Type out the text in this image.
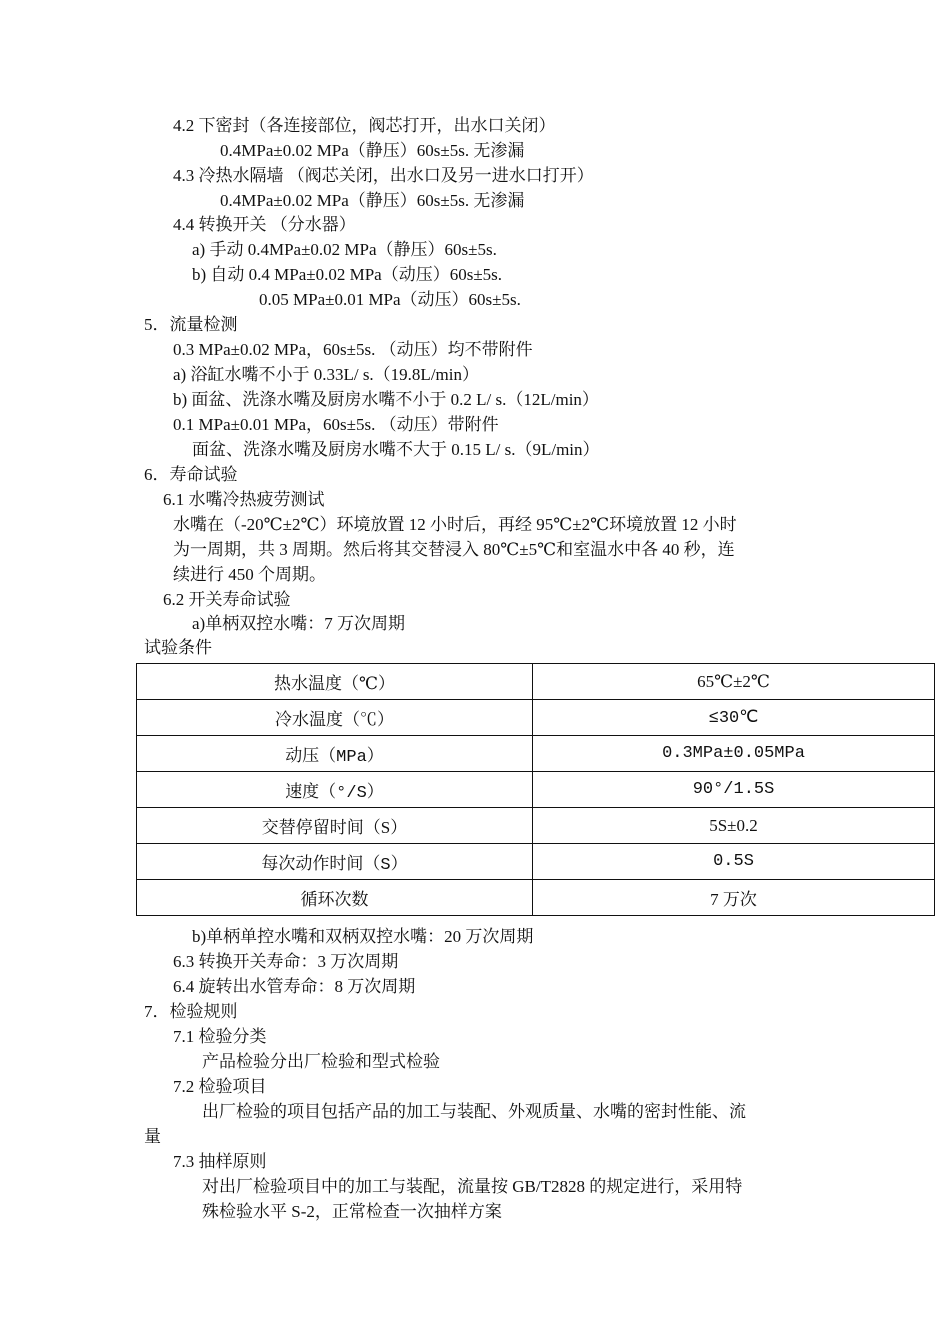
4.2 下密封（各连接部位，阀芯打开，出水口关闭）
0.4MPa±0.02 MPa（静压）60s±5s. 无渗漏
4.3 冷热水隔墙 （阀芯关闭，出水口及另一进水口打开）
0.4MPa±0.02 MPa（静压）60s±5s. 无渗漏
4.4 转换开关 （分水器）
a) 手动 0.4MPa±0.02 MPa（静压）60s±5s.
b) 自动 0.4 MPa±0.02 MPa（动压）60s±5s.
0.05 MPa±0.01 MPa（动压）60s±5s.
5．流量检测
0.3 MPa±0.02 MPa，60s±5s. （动压）均不带附件
a) 浴缸水嘴不小于 0.33L/ s.（19.8L/min）
b) 面盆、洗涤水嘴及厨房水嘴不小于 0.2 L/ s.（12L/min）
0.1 MPa±0.01 MPa，60s±5s. （动压）带附件
面盆、洗涤水嘴及厨房水嘴不大于 0.15 L/ s.（9L/min）
6．寿命试验
6.1 水嘴冷热疲劳测试
水嘴在（-20℃±2℃）环境放置 12 小时后，再经 95℃±2℃环境放置 12 小时
为一周期，共 3 周期。然后将其交替浸入 80℃±5℃和室温水中各 40 秒，连
续进行 450 个周期。
6.2 开关寿命试验
a)单柄双控水嘴：7 万次周期
试验条件
热水温度（℃）	65℃±2℃
冷水温度（℃）	≤30℃
动压（MPa）	0.3MPa±0.05MPa
速度（°/S）	90°/1.5S
交替停留时间（S）	5S±0.2
每次动作时间（S）	0.5S
循环次数	7 万次
b)单柄单控水嘴和双柄双控水嘴：20 万次周期
6.3 转换开关寿命：3 万次周期
6.4 旋转出水管寿命：8 万次周期
7．检验规则
7.1 检验分类
产品检验分出厂检验和型式检验
7.2 检验项目
出厂检验的项目包括产品的加工与装配、外观质量、水嘴的密封性能、流
量
7.3 抽样原则
对出厂检验项目中的加工与装配，流量按 GB/T2828 的规定进行，采用特
殊检验水平 S-2，正常检查一次抽样方案
